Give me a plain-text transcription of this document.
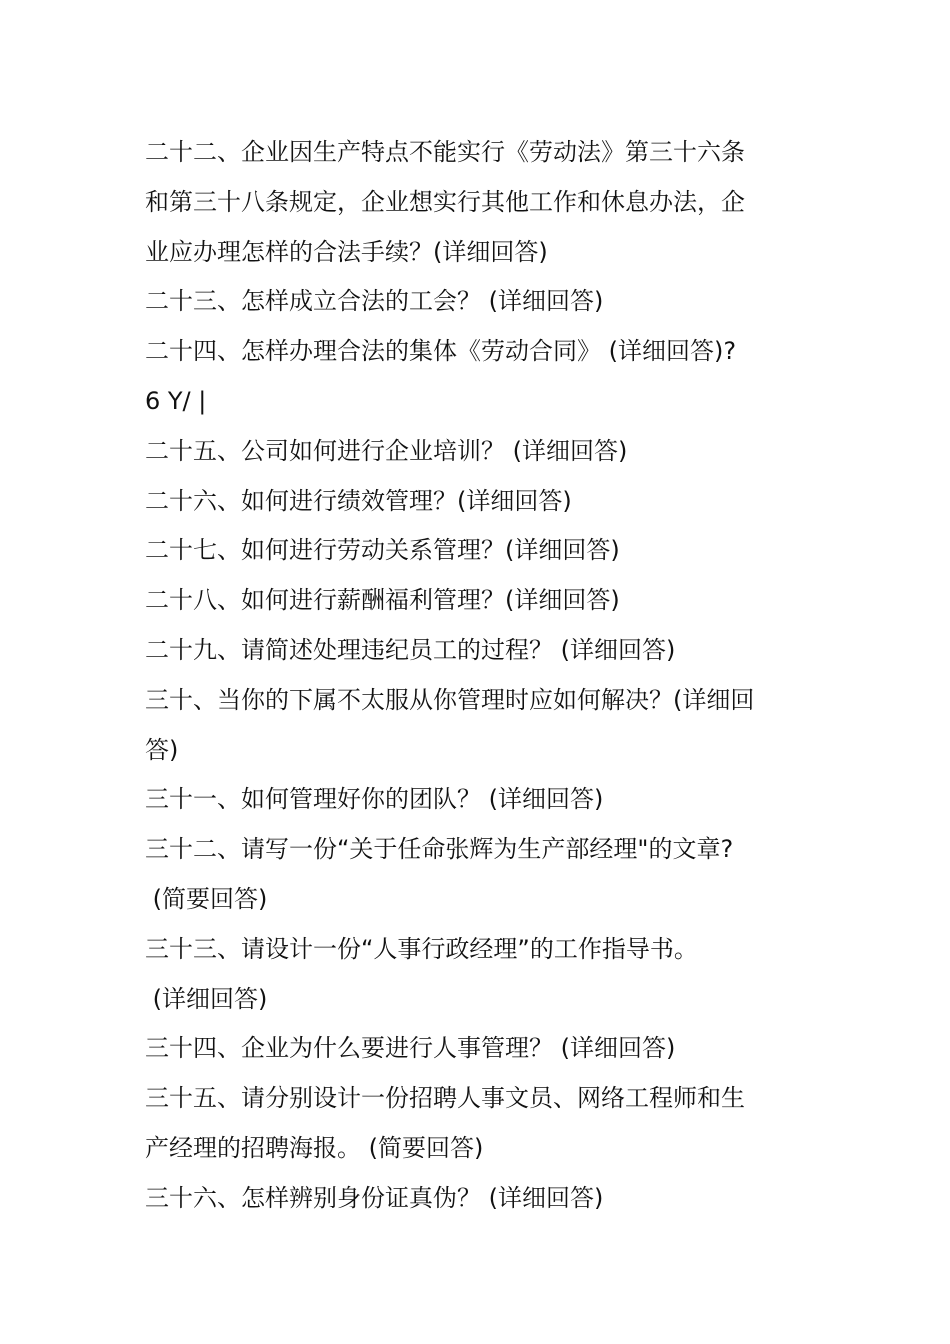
二十二、企业因生产特点不能实行《劳动法》第三十六条
和第三十八条规定，企业想实行其他工作和休息办法，企
业应办理怎样的合法手续？(详细回答)
二十三、怎样成立合法的工会？ (详细回答)
二十四、怎样办理合法的集体《劳动合同》 (详细回答)?
6 Y/ |
二十五、公司如何进行企业培训？ (详细回答)
二十六、如何进行绩效管理？(详细回答)
二十七、如何进行劳动关系管理？(详细回答)
二十八、如何进行薪酬福利管理？(详细回答)
二十九、请简述处理违纪员工的过程？ (详细回答)
三十、当你的下属不太服从你管理时应如何解决？(详细回
答)
三十一、如何管理好你的团队？ (详细回答)
三十二、请写一份“关于任命张辉为生产部经理"的文章?
(简要回答)
三十三、请设计一份“人事行政经理”的工作指导书。
(详细回答)
三十四、企业为什么要进行人事管理？ (详细回答)
三十五、请分别设计一份招聘人事文员、网络工程师和生
产经理的招聘海报。 (简要回答)
三十六、怎样辨别身份证真伪？ (详细回答)
